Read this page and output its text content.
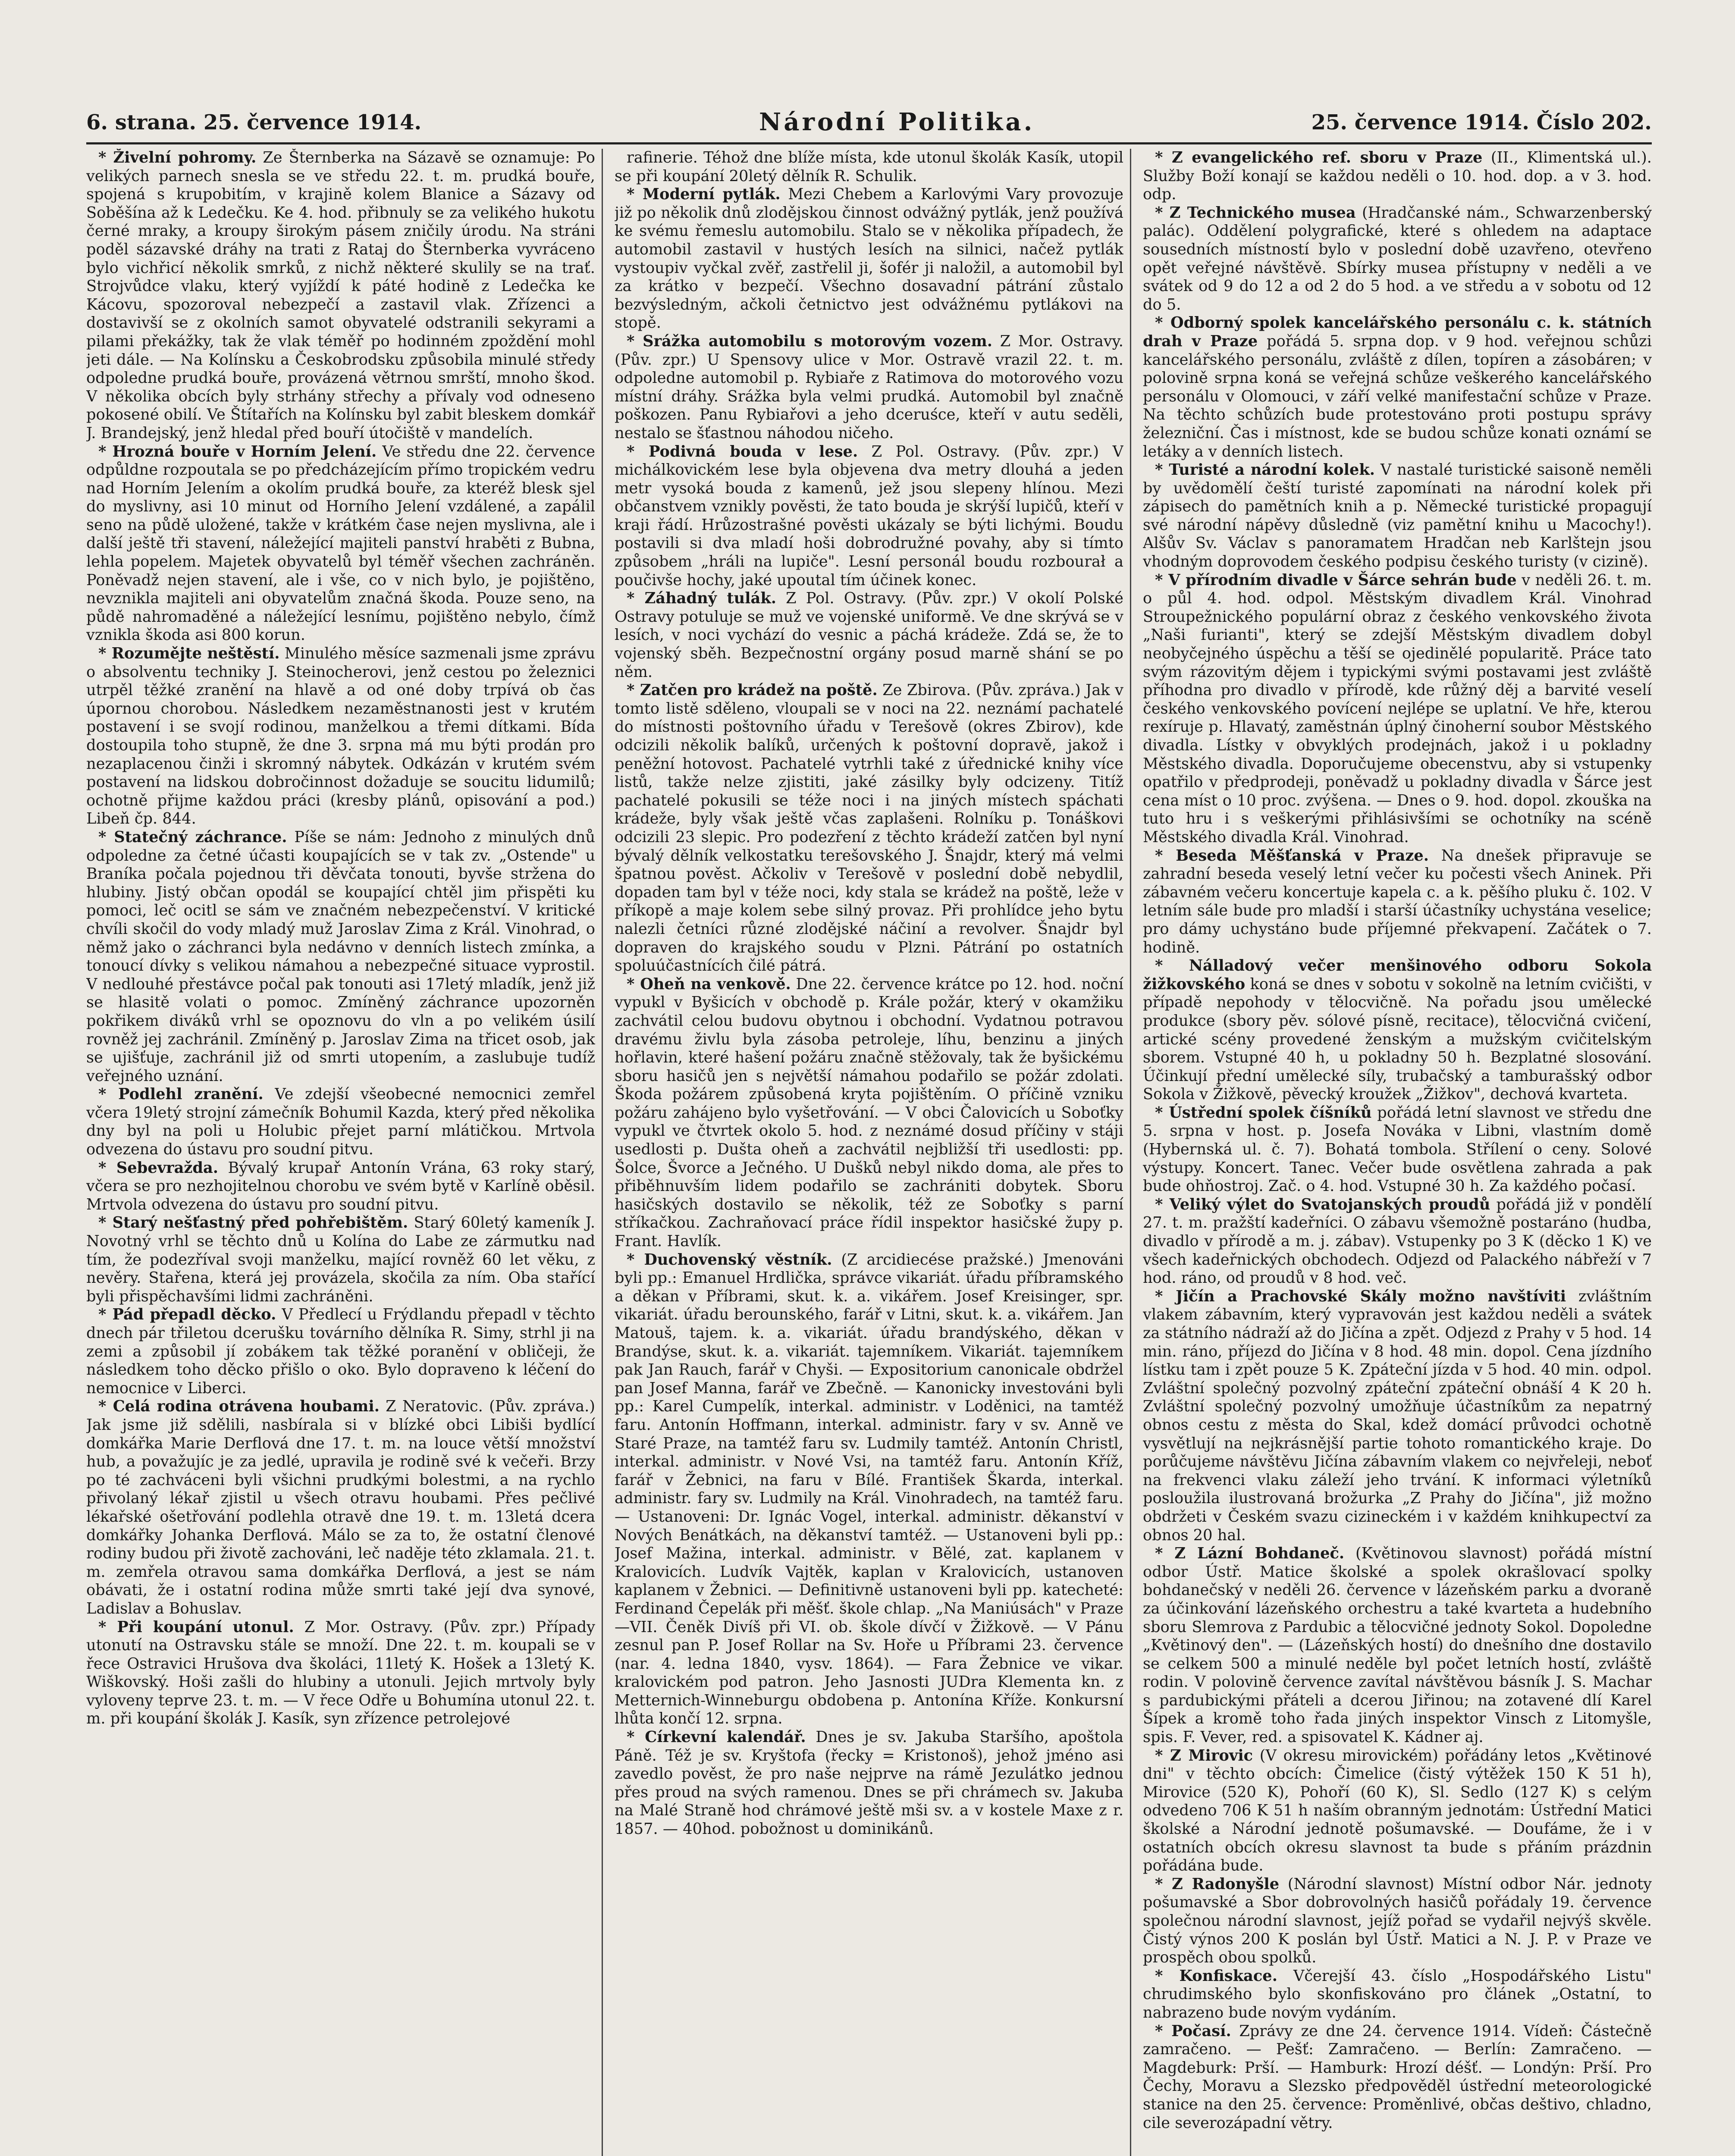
6. strana. 25. července 1914.	Národní Politika.	25. července 1914. Číslo 202.

* Živelní pohromy. Ze Šternberka na Sázavě se oznamuje: Po velikých parnech snesla se ve středu 22. t. m. prudká bouře, spojená s krupobitím, v krajině kolem Blanice a Sázavy od Soběšína až k Ledečku. Ke 4. hod. přibnuly se za velikého hukotu černé mraky, a kroupy širokým pásem zničily úrodu. Na stráni poděl sázavské dráhy na trati z Rataj do Šternberka vyvráceno bylo vichřicí několik smrků, z nichž některé skulily se na trať. Strojvůdce vlaku, který vyjíždí k páté hodině z Ledečka ke Kácovu, spozoroval nebezpečí a zastavil vlak. Zřízenci a dostavivší se z okolních samot obyvatelé odstranili sekyrami a pilami překážky, tak že vlak téměř po hodinném zpoždění mohl jeti dále. — Na Kolínsku a Českobrodsku způsobila minulé středy odpoledne prudká bouře, provázená větrnou smrští, mnoho škod. V několika obcích byly strhány střechy a přívaly vod odneseno pokosené obilí. Ve Štítařích na Kolínsku byl zabit bleskem domkář J. Brandejský, jenž hledal před bouří útočiště v mandelích.

* Hrozná bouře v Horním Jelení. Ve středu dne 22. července odpůldne rozpoutala se po předcházejícím přímo tropickém vedru nad Horním Jelením a okolím prudká bouře, za kteréž blesk sjel do myslivny, asi 10 minut od Horního Jelení vzdálené, a zapálil seno na půdě uložené, takže v krátkém čase nejen myslivna, ale i další ještě tři stavení, náležející majiteli panství hraběti z Bubna, lehla popelem. Majetek obyvatelů byl téměř všechen zachráněn. Poněvadž nejen stavení, ale i vše, co v nich bylo, je pojištěno, nevznikla majiteli ani obyvatelům značná škoda. Pouze seno, na půdě nahromaděné a náležející lesnímu, pojištěno nebylo, čímž vznikla škoda asi 800 korun.

* Rozumějte neštěstí. Minulého měsíce sazmenali jsme zprávu o absolventu techniky J. Steinocherovi, jenž cestou po železnici utrpěl těžké zranění na hlavě a od oné doby trpívá ob čas úpornou chorobou. Následkem nezaměstnanosti jest v krutém postavení i se svojí rodinou, manželkou a třemi dítkami. Bída dostoupila toho stupně, že dne 3. srpna má mu býti prodán pro nezaplacenou činži i skromný nábytek. Odkázán v krutém svém postavení na lidskou dobročinnost dožaduje se soucitu lidumilů; ochotně přijme každou práci (kresby plánů, opisování a pod.) Libeň čp. 844.

* Statečný záchrance. Píše se nám: Jednoho z minulých dnů odpoledne za četné účasti koupajících se v tak zv. „Ostende" u Braníka počala pojednou tři děvčata tonouti, byvše stržena do hlubiny. Jistý občan opodál se koupající chtěl jim přispěti ku pomoci, leč ocitl se sám ve značném nebezpečenství. V kritické chvíli skočil do vody mladý muž Jaroslav Zima z Král. Vinohrad, o němž jako o záchranci byla nedávno v denních listech zmínka, a tonoucí dívky s velikou námahou a nebezpečné situace vyprostil. V nedlouhé přestávce počal pak tonouti asi 17letý mladík, jenž již se hlasitě volati o pomoc. Zmíněný záchrance upozorněn pokřikem diváků vrhl se opoznovu do vln a po velikém úsilí rovněž jej zachránil. Zmíněný p. Jaroslav Zima na třicet osob, jak se ujišťuje, zachránil již od smrti utopením, a zaslubuje tudíž veřejného uznání.

* Podlehl zranění. Ve zdejší všeobecné nemocnici zemřel včera 19letý strojní zámečník Bohumil Kazda, který před několika dny byl na poli u Holubic přejet parní mlátičkou. Mrtvola odvezena do ústavu pro soudní pitvu.

* Sebevražda. Bývalý krupař Antonín Vrána, 63 roky starý, včera se pro nezhojitelnou chorobu ve svém bytě v Karlíně oběsil. Mrtvola odvezena do ústavu pro soudní pitvu.

* Starý nešťastný před pohřebištěm. Starý 60letý kameník J. Novotný vrhl se těchto dnů u Kolína do Labe ze zármutku nad tím, že podezříval svoji manželku, mající rovněž 60 let věku, z nevěry. Stařena, která jej provázela, skočila za ním. Oba stařící byli přispěchavšími lidmi zachráněni.

* Pád přepadl děcko. V Předlecí u Frýdlandu přepadl v těchto dnech pár třiletou dcerušku továrního dělníka R. Simy, strhl ji na zemi a způsobil jí zobákem tak těžké poranění v obličeji, že následkem toho děcko přišlo o oko. Bylo dopraveno k léčení do nemocnice v Liberci.

* Celá rodina otrávena houbami. Z Neratovic. (Pův. zpráva.) Jak jsme již sdělili, nasbírala si v blízké obci Libiši bydlící domkářka Marie Derflová dne 17. t. m. na louce větší množství hub, a považujíc je za jedlé, upravila je rodině své k večeři. Brzy po té zachváceni byli všichni prudkými bolestmi, a na rychlo přivolaný lékař zjistil u všech otravu houbami. Přes pečlivé lékařské ošetřování podlehla otravě dne 19. t. m. 13letá dcera domkářky Johanka Derflová. Málo se za to, že ostatní členové rodiny budou při životě zachováni, leč naděje této zklamala. 21. t. m. zemřela otravou sama domkářka Derflová, a jest se nám obávati, že i ostatní rodina může smrti také její dva synové, Ladislav a Bohuslav.

* Při koupání utonul. Z Mor. Ostravy. (Pův. zpr.) Případy utonutí na Ostravsku stále se množí. Dne 22. t. m. koupali se v řece Ostravici Hrušova dva školáci, 11letý K. Hošek a 13letý K. Wiškovský. Hoši zašli do hlubiny a utonuli. Jejich mrtvoly byly vyloveny teprve 23. t. m. — V řece Odře u Bohumína utonul 22. t. m. při koupání školák J. Kasík, syn zřízence petrolejové

rafinerie. Téhož dne blíže místa, kde utonul školák Kasík, utopil se při koupání 20letý dělník R. Schulik.

* Moderní pytlák. Mezi Chebem a Karlovými Vary provozuje již po několik dnů zlodějskou činnost odvážný pytlák, jenž používá ke svému řemeslu automobilu. Stalo se v několika případech, že automobil zastavil v hustých lesích na silnici, načež pytlák vystoupiv vyčkal zvěř, zastřelil ji, šofér ji naložil, a automobil byl za krátko v bezpečí. Všechno dosavadní pátrání zůstalo bezvýsledným, ačkoli četnictvo jest odvážnému pytlákovi na stopě.

* Srážka automobilu s motorovým vozem. Z Mor. Ostravy. (Pův. zpr.) U Spensovy ulice v Mor. Ostravě vrazil 22. t. m. odpoledne automobil p. Rybiaře z Ratimova do motorového vozu místní dráhy. Srážka byla velmi prudká. Automobil byl značně poškozen. Panu Rybiařovi a jeho dceruśce, kteří v autu seděli, nestalo se šťastnou náhodou ničeho.

* Podivná bouda v lese. Z Pol. Ostravy. (Pův. zpr.) V michálkovickém lese byla objevena dva metry dlouhá a jeden metr vysoká bouda z kamenů, jež jsou slepeny hlínou. Mezi občanstvem vznikly pověsti, že tato bouda je skrýší lupičů, kteří v kraji řádí. Hrůzostrašné pověsti ukázaly se býti lichými. Boudu postavili si dva mladí hoši dobrodružné povahy, aby si tímto způsobem „hráli na lupiče". Lesní personál boudu rozbourał a poučivše hochy, jaké upoutal tím účinek konec.

* Záhadný tulák. Z Pol. Ostravy. (Pův. zpr.) V okolí Polské Ostravy potuluje se muž ve vojenské uniformě. Ve dne skrývá se v lesích, v noci vychází do vesnic a páchá krádeže. Zdá se, že to vojenský sběh. Bezpečnostní orgány posud marně shání se po něm.

* Zatčen pro krádež na poště. Ze Zbirova. (Pův. zpráva.) Jak v tomto listě sděleno, vloupali se v noci na 22. neznámí pachatelé do místnosti poštovního úřadu v Terešově (okres Zbirov), kde odcizili několik balíků, určených k poštovní dopravě, jakož i peněžní hotovost. Pachatelé vytrhli také z úřednické knihy více listů, takže nelze zjistiti, jaké zásilky byly odcizeny. Titíž pachatelé pokusili se téže noci i na jiných místech spáchati krádeže, byly však ještě včas zaplašeni. Rolníku p. Tonáškovi odcizili 23 slepic. Pro podezření z těchto krádeží zatčen byl nyní bývalý dělník velkostatku terešovského J. Šnajdr, který má velmi špatnou pověst. Ačkoliv v Terešově v poslední době nebydlil, dopaden tam byl v téže noci, kdy stala se krádež na poště, leže v příkopě a maje kolem sebe silný provaz. Při prohlídce jeho bytu nalezli četníci různé zlodějské náčiní a revolver. Šnajdr byl dopraven do krajského soudu v Plzni. Pátrání po ostatních spoluúčastnících čilé pátrá.

* Oheň na venkově. Dne 22. července krátce po 12. hod. noční vypukl v Byšicích v obchodě p. Krále požár, který v okamžiku zachvátil celou budovu obytnou i obchodní. Vydatnou potravou dravému živlu byla zásoba petroleje, líhu, benzinu a jiných hořlavin, které hašení požáru značně stěžovaly, tak že byšickému sboru hasičů jen s největší námahou podařilo se požár zdolati. Škoda požárem způsobená kryta pojištěním. O příčině vzniku požáru zahájeno bylo vyšetřování. — V obci Čalovicích u Soboťky vypukl ve čtvrtek okolo 5. hod. z neznámé dosud příčiny v stáji usedlosti p. Dušta oheň a zachvátil nejbližší tři usedlosti: pp. Šolce, Švorce a Ječného. U Dušků nebyl nikdo doma, ale přes to přiběhnuvším lidem podařilo se zachrániti dobytek. Sboru hasičských dostavilo se několik, též ze Soboťky s parní stříkačkou. Zachraňovací práce řídil inspektor hasičské župy p. Frant. Havlík.

* Duchovenský věstník. (Z arcidiecése pražské.) Jmenováni byli pp.: Emanuel Hrdlička, správce vikariát. úřadu příbramského a děkan v Příbrami, skut. k. a. vikářem. Josef Kreisinger, spr. vikariát. úřadu berounského, farář v Litni, skut. k. a. vikářem. Jan Matouš, tajem. k. a. vikariát. úřadu brandýského, děkan v Brandýse, skut. k. a. vikariát. tajemníkem. Vikariát. tajemníkem pak Jan Rauch, farář v Chyši. — Expositorium canonicale obdržel pan Josef Manna, farář ve Zbečně. — Kanonicky investováni byli pp.: Karel Cumpelík, interkal. administr. v Loděnici, na tamtéž faru. Antonín Hoffmann, interkal. administr. fary v sv. Anně ve Staré Praze, na tamtéž faru sv. Ludmily tamtéž. Antonín Christl, interkal. administr. v Nové Vsi, na tamtéž faru. Antonín Kříž, farář v Žebnici, na faru v Bílé. František Škarda, interkal. administr. fary sv. Ludmily na Král. Vinohradech, na tamtéž faru. — Ustanoveni: Dr. Ignác Vogel, interkal. administr. děkanství v Nových Benátkách, na děkanství tamtéž. — Ustanoveni byli pp.: Josef Mažina, interkal. administr. v Bělé, zat. kaplanem v Kralovicích. Ludvík Vajtěk, kaplan v Kralovicích, ustanoven kaplanem v Žebnici. — Definitivně ustanoveni byli pp. katecheté: Ferdinand Čepelák při měšť. škole chlap. „Na Maniúsách" v Praze—VII. Čeněk Divíš při VI. ob. škole dívčí v Žižkově. — V Pánu zesnul pan P. Josef Rollar na Sv. Hoře u Příbrami 23. července (nar. 4. ledna 1840, vysv. 1864). — Fara Žebnice ve vikar. kralovickém pod patron. Jeho Jasnosti JUDra Klementa kn. z Metternich-Winneburgu obdobena p. Antonína Kříže. Konkursní lhůta končí 12. srpna.

* Církevní kalendář. Dnes je sv. Jakuba Staršího, apoštola Páně. Též je sv. Kryštofa (řecky = Kristonoš), jehož jméno asi zavedlo pověst, že pro naše nejprve na rámě Jezulátko jednou přes proud na svých ramenou. Dnes se při chrámech sv. Jakuba na Malé Straně hod chrámové ještě mši sv. a v kostele Maxe z r. 1857. — 40hod. pobožnost u dominikánů.

* Z evangelického ref. sboru v Praze (II., Klimentská ul.). Služby Boží konají se každou neděli o 10. hod. dop. a v 3. hod. odp.

* Z Technického musea (Hradčanské nám., Schwarzenberský palác). Oddělení polygrafické, které s ohledem na adaptace sousedních místností bylo v poslední době uzavřeno, otevřeno opět veřejné návštěvě. Sbírky musea přístupny v neděli a ve svátek od 9 do 12 a od 2 do 5 hod. a ve středu a v sobotu od 12 do 5.

* Odborný spolek kancelářského personálu c. k. státních drah v Praze pořádá 5. srpna dop. v 9 hod. veřejnou schůzi kancelářského personálu, zvláště z dílen, topíren a zásobáren; v polovině srpna koná se veřejná schůze veškerého kancelářského personálu v Olomouci, v září velké manifestační schůze v Praze. Na těchto schůzích bude protestováno proti postupu správy železniční. Čas i místnost, kde se budou schůze konati oznámí se letáky a v denních listech.

* Turisté a národní kolek. V nastalé turistické saisoně neměli by uvědomělí čeští turisté zapomínati na národní kolek při zápisech do pamětních knih a p. Německé turistické propagují své národní nápěvy důsledně (viz pamětní knihu u Macochy!). Alšův Sv. Václav s panoramatem Hradčan neb Karlštejn jsou vhodným doprovodem českého podpisu českého turisty (v cizině).

* V přírodním divadle v Šárce sehrán bude v neděli 26. t. m. o půl 4. hod. odpol. Městským divadlem Král. Vinohrad Stroupežnického populární obraz z českého venkovského života „Naši furianti", který se zdejší Městským divadlem dobyl neobyčejného úspěchu a těší se ojedinělé popularitě. Práce tato svým rázovitým dějem i typickými svými postavami jest zvláště příhodna pro divadlo v přírodě, kde růžný děj a barvité veselí českého venkovského povícení nejlépe se uplatní. Ve hře, kterou rexíruje p. Hlavatý, zaměstnán úplný činoherní soubor Městského divadla. Lístky v obvyklých prodejnách, jakož i u pokladny Městského divadla. Doporučujeme obecenstvu, aby si vstupenky opatřilo v předprodeji, poněvadž u pokladny divadla v Šárce jest cena míst o 10 proc. zvýšena. — Dnes o 9. hod. dopol. zkouška na tuto hru i s veškerými přihlásivšími se ochotníky na scéně Městského divadla Král. Vinohrad.

* Beseda Měšťanská v Praze. Na dnešek připravuje se zahradní beseda veselý letní večer ku počesti všech Aninek. Při zábavném večeru koncertuje kapela c. a k. pěšího pluku č. 102. V letním sále bude pro mladší i starší účastníky uchystána veselice; pro dámy uchystáno bude příjemné překvapení. Začátek o 7. hodině.

* Nálladový večer menšinového odboru Sokola žižkovského koná se dnes v sobotu v sokolně na letním cvičišti, v případě nepohody v tělocvičně. Na pořadu jsou umělecké produkce (sbory pěv. sólové písně, recitace), tělocvičná cvičení, artické scény provedené ženským a mužským cvičitelským sborem. Vstupné 40 h, u pokladny 50 h. Bezplatné slosování. Účinkují přední umělecké síly, trubačský a tamburašský odbor Sokola v Žižkově, pěvecký kroužek „Žižkov", dechová kvarteta.

* Ústřední spolek číšníků pořádá letní slavnost ve středu dne 5. srpna v host. p. Josefa Nováka v Libni, vlastním domě (Hybernská ul. č. 7). Bohatá tombola. Střílení o ceny. Solové výstupy. Koncert. Tanec. Večer bude osvětlena zahrada a pak bude ohňostroj. Zač. o 4. hod. Vstupné 30 h. Za každého počasí.

* Veliký výlet do Svatojanských proudů pořádá již v pondělí 27. t. m. pražští kadeřníci. O zábavu všemožně postaráno (hudba, divadlo v přírodě a m. j. zábav). Vstupenky po 3 K (děcko 1 K) ve všech kadeřnických obchodech. Odjezd od Palackého nábřeží v 7 hod. ráno, od proudů v 8 hod. več.

* Jičín a Prachovské Skály možno navštíviti zvláštním vlakem zábavním, který vypravován jest každou neděli a svátek za státního nádraží až do Jičína a zpět. Odjezd z Prahy v 5 hod. 14 min. ráno, příjezd do Jičína v 8 hod. 48 min. dopol. Cena jízdního lístku tam i zpět pouze 5 K. Zpáteční jízda v 5 hod. 40 min. odpol. Zvláštní společný pozvolný zpáteční zpáteční obnáší 4 K 20 h. Zvláštní společný pozvolný umožňuje účastníkům za nepatrný obnos cestu z města do Skal, kdež domácí průvodci ochotně vysvětlují na nejkrásnější partie tohoto romantického kraje. Do porůčujeme návštěvu Jičína zábavním vlakem co nejvřeleji, neboť na frekvenci vlaku záleží jeho trvání. K informaci výletníků posloužila ilustrovaná brožurka „Z Prahy do Jičína", již možno obdržeti v Českém svazu cizineckém i v každém knihkupectví za obnos 20 hal.

* Z Lázní Bohdaneč. (Květinovou slavnost) pořádá místní odbor Ústř. Matice školské a spolek okrašlovací spolky bohdanečský v neděli 26. července v lázeňském parku a dvoraně za účinkování lázeňského orchestru a také kvarteta a hudebního sboru Slemrova z Pardubic a tělocvičné jednoty Sokol. Dopoledne „Květinový den". — (Lázeňských hostí) do dnešního dne dostavilo se celkem 500 a minulé neděle byl počet letních hostí, zvláště rodin. V polovině července zavítal návštěvou básník J. S. Machar s pardubickými přáteli a dcerou Jiřinou; na zotavené dlí Karel Šípek a kromě toho řada jiných inspektor Vinsch z Litomyšle, spis. F. Vever, red. a spisovatel K. Kádner aj.

* Z Mirovic (V okresu mirovickém) pořádány letos „Květinové dni" v těchto obcích: Čimelice (čistý výtěžek 150 K 51 h), Mirovice (520 K), Pohoří (60 K), Sl. Sedlo (127 K) s celým odvedeno 706 K 51 h naším obranným jednotám: Ústřední Matici školské a Národní jednotě pošumavské. — Doufáme, že i v ostatních obcích okresu slavnost ta bude s přáním prázdnin pořádána bude.

* Z Radonyšle (Národní slavnost) Místní odbor Nár. jednoty pošumavské a Sbor dobrovolných hasičů pořádaly 19. července společnou národní slavnost, jejíž pořad se vydařil nejvýš skvěle. Čistý výnos 200 K poslán byl Ústř. Matici a N. J. P. v Praze ve prospěch obou spolků.

* Konfiskace. Včerejší 43. číslo „Hospodářského Listu" chrudimského bylo skonfiskováno pro článek „Ostatní, to nabrazeno bude novým vydáním.

* Počasí. Zprávy ze dne 24. července 1914. Vídeň: Částečně zamračeno. — Pešť: Zamračeno. — Berlín: Zamračeno. — Magdeburk: Prší. — Hamburk: Hrozí déšť. — Londýn: Prší. Pro Čechy, Moravu a Slezsko předpověděl ústřední meteorologické stanice na den 25. července: Proměnlivé, občas deštivo, chladno, cile severozápadní větry.
